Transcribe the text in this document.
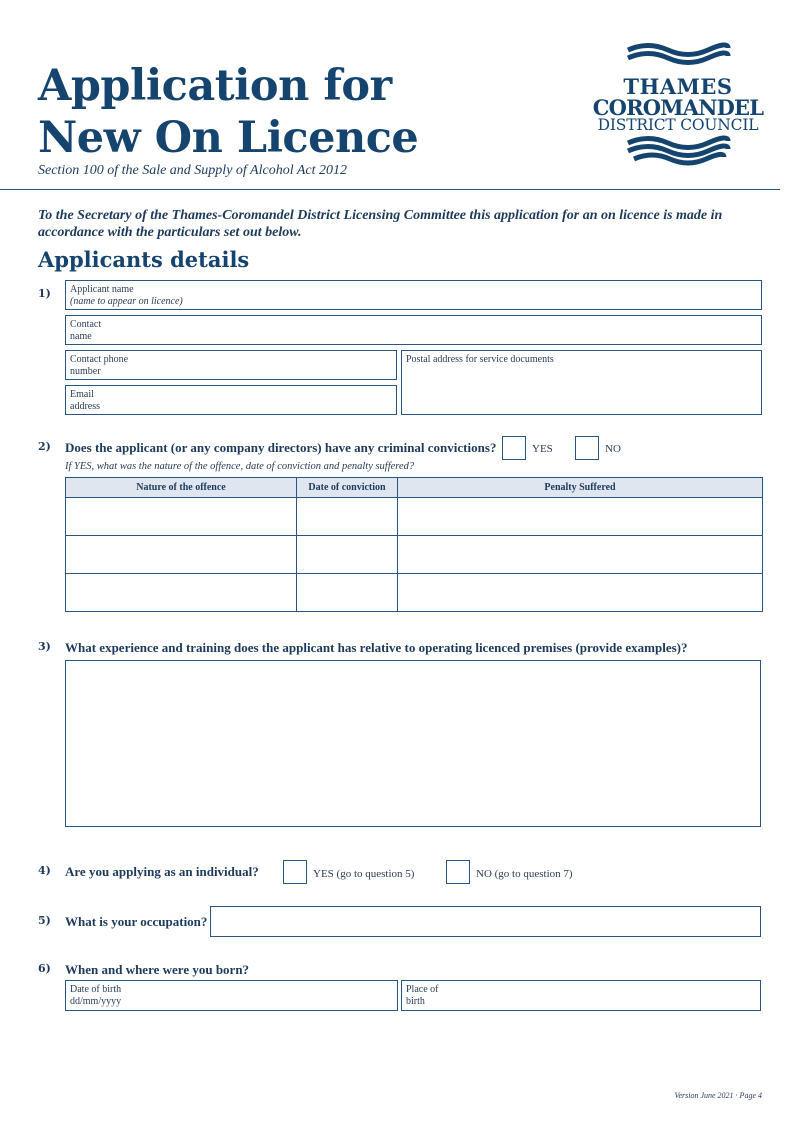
Application for
New On Licence
Section 100 of the Sale and Supply of Alcohol Act 2012
THAMES
COROMANDEL
DISTRICT COUNCIL
To the Secretary of the Thames-Coromandel District Licensing Committee this application for an on licence is made in accordance with the particulars set out below.
Applicants details
1) Applicant name
(name to appear on licence)
Contact
name
Contact phone
number
Postal address for service documents
Email
address
2) Does the applicant (or any company directors) have any criminal convictions?	YES	NO
If YES, what was the nature of the offence, date of conviction and penalty suffered?
Nature of the offence	Date of conviction	Penalty Suffered

3) What experience and training does the applicant has relative to operating licenced premises (provide examples)?
4) Are you applying as an individual?	YES (go to question 5)	NO (go to question 7)
5) What is your occupation?
6) When and where were you born?
Date of birth
dd/mm/yyyy
Place of
birth
Version June 2021 · Page 4
